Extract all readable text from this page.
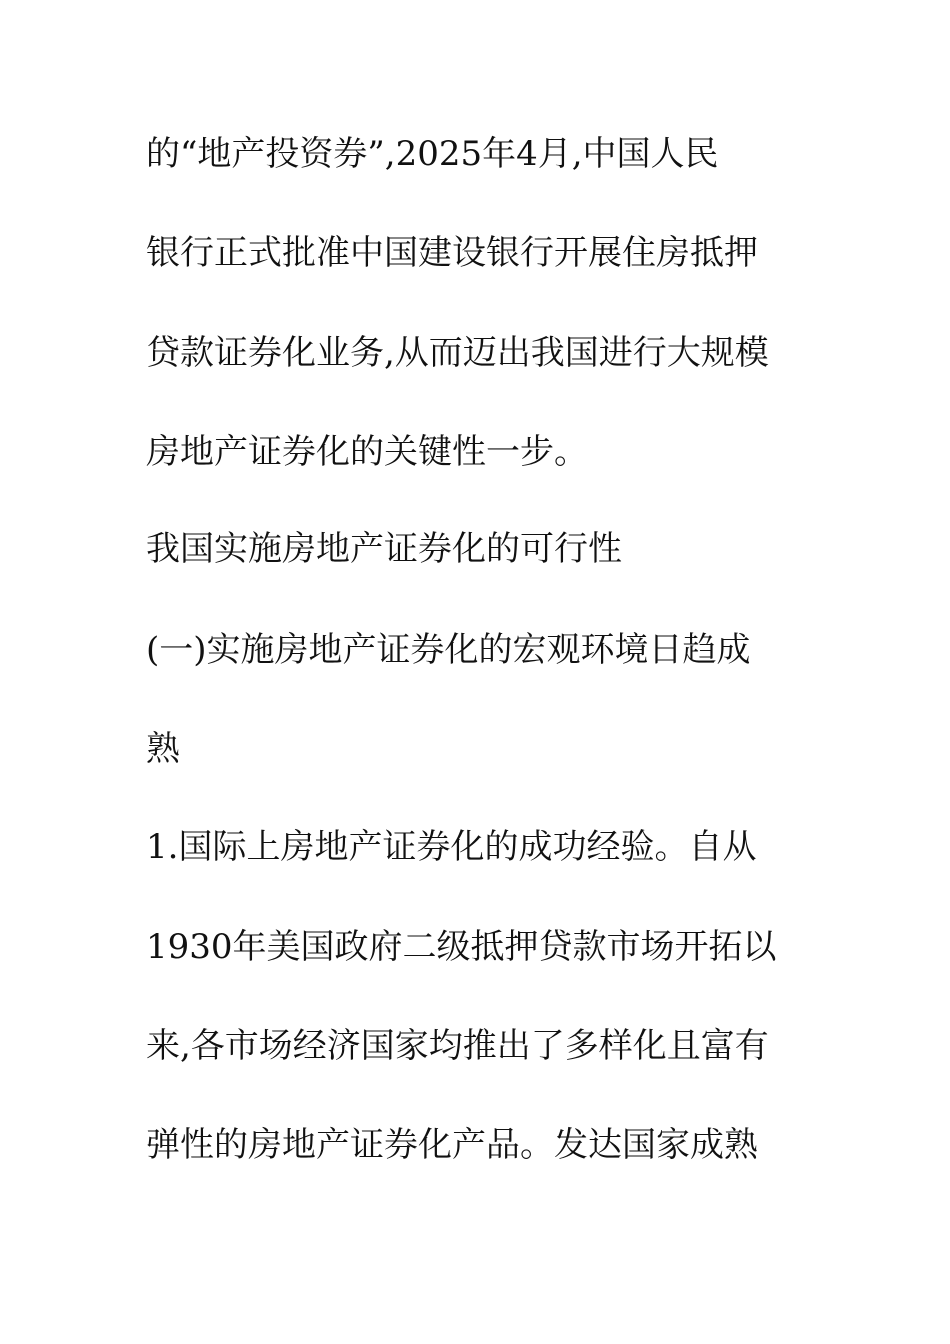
的“地产投资券”,2025年4月,中国人民
银行正式批准中国建设银行开展住房抵押
贷款证券化业务,从而迈出我国进行大规模
房地产证券化的关键性一步。
我国实施房地产证券化的可行性
(一)实施房地产证券化的宏观环境日趋成
熟
1.国际上房地产证券化的成功经验。自从
1930年美国政府二级抵押贷款市场开拓以
来,各市场经济国家均推出了多样化且富有
弹性的房地产证券化产品。发达国家成熟
